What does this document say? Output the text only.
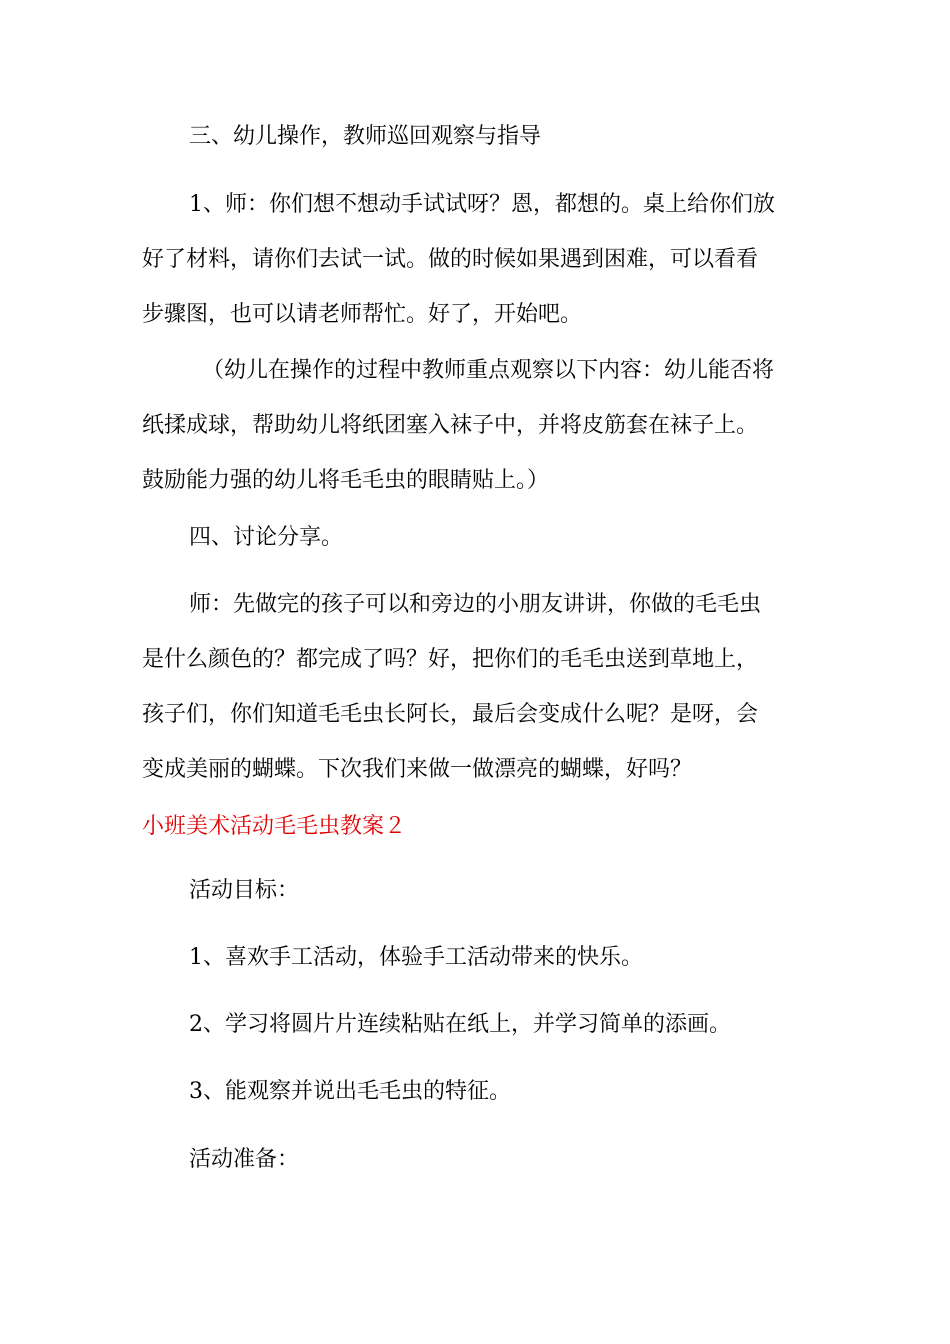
三、幼儿操作，教师巡回观察与指导

1、师：你们想不想动手试试呀？恩，都想的。桌上给你们放
好了材料，请你们去试一试。做的时候如果遇到困难，可以看看
步骤图，也可以请老师帮忙。好了，开始吧。

（幼儿在操作的过程中教师重点观察以下内容：幼儿能否将
纸揉成球，帮助幼儿将纸团塞入袜子中，并将皮筋套在袜子上。
鼓励能力强的幼儿将毛毛虫的眼睛贴上。）

四、讨论分享。

师：先做完的孩子可以和旁边的小朋友讲讲，你做的毛毛虫
是什么颜色的？都完成了吗？好，把你们的毛毛虫送到草地上，
孩子们，你们知道毛毛虫长阿长，最后会变成什么呢？是呀，会
变成美丽的蝴蝶。下次我们来做一做漂亮的蝴蝶，好吗？

小班美术活动毛毛虫教案２

活动目标：

1、喜欢手工活动，体验手工活动带来的快乐。

2、学习将圆片片连续粘贴在纸上，并学习简单的添画。

3、能观察并说出毛毛虫的特征。

活动准备：
